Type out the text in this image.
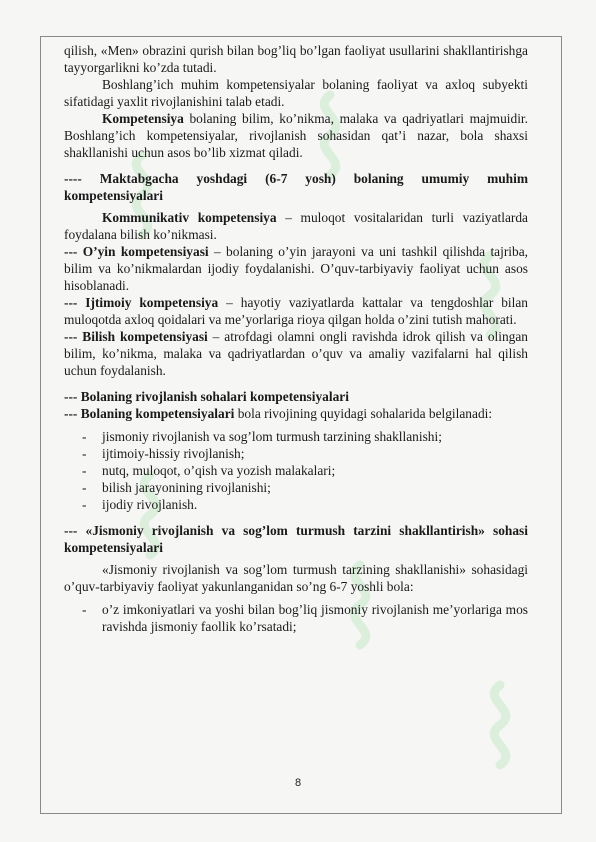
qilish, «Men» obrazini qurish bilan bog’liq bo’lgan faoliyat usullarini shakllantirishga tayyorgarlikni ko’zda tutadi.

Boshlang’ich muhim kompetensiyalar bolaning faoliyat va axloq subyekti sifatidagi yaxlit rivojlanishini talab etadi.

Kompetensiya bolaning bilim, ko’nikma, malaka va qadriyatlari majmuidir. Boshlang’ich kompetensiyalar, rivojlanish sohasidan qat’i nazar, bola shaxsi shakllanishi uchun asos bo’lib xizmat qiladi.

---- Maktabgacha yoshdagi (6-7 yosh) bolaning umumiy muhim kompetensiyalari

Kommunikativ kompetensiya – muloqot vositalaridan turli vaziyatlarda foydalana bilish ko’nikmasi.

--- O’yin kompetensiyasi – bolaning o’yin jarayoni va uni tashkil qilishda tajriba, bilim va ko’nikmalardan ijodiy foydalanishi. O’quv-tarbiyaviy faoliyat uchun asos hisoblanadi.

--- Ijtimoiy kompetensiya – hayotiy vaziyatlarda kattalar va tengdoshlar bilan muloqotda axloq qoidalari va me’yorlariga rioya qilgan holda o’zini tutish mahorati.

--- Bilish kompetensiyasi – atrofdagi olamni ongli ravishda idrok qilish va olingan bilim, ko’nikma, malaka va qadriyatlardan o’quv va amaliy vazifalarni hal qilish uchun foydalanish.

--- Bolaning rivojlanish sohalari kompetensiyalari

--- Bolaning kompetensiyalari bola rivojining quyidagi sohalarida belgilanadi:

- jismoniy rivojlanish va sog’lom turmush tarzining shakllanishi;
- ijtimoiy-hissiy rivojlanish;
- nutq, muloqot, o’qish va yozish malakalari;
- bilish jarayonining rivojlanishi;
- ijodiy rivojlanish.

--- «Jismoniy rivojlanish va sog’lom turmush tarzini shakllantirish» sohasi kompetensiyalari

«Jismoniy rivojlanish va sog’lom turmush tarzining shakllanishi» sohasidagi o’quv-tarbiyaviy faoliyat yakunlanganidan so’ng 6-7 yoshli bola:

- o’z imkoniyatlari va yoshi bilan bog’liq jismoniy rivojlanish me’yorlariga mos ravishda jismoniy faollik ko’rsatadi;
8
